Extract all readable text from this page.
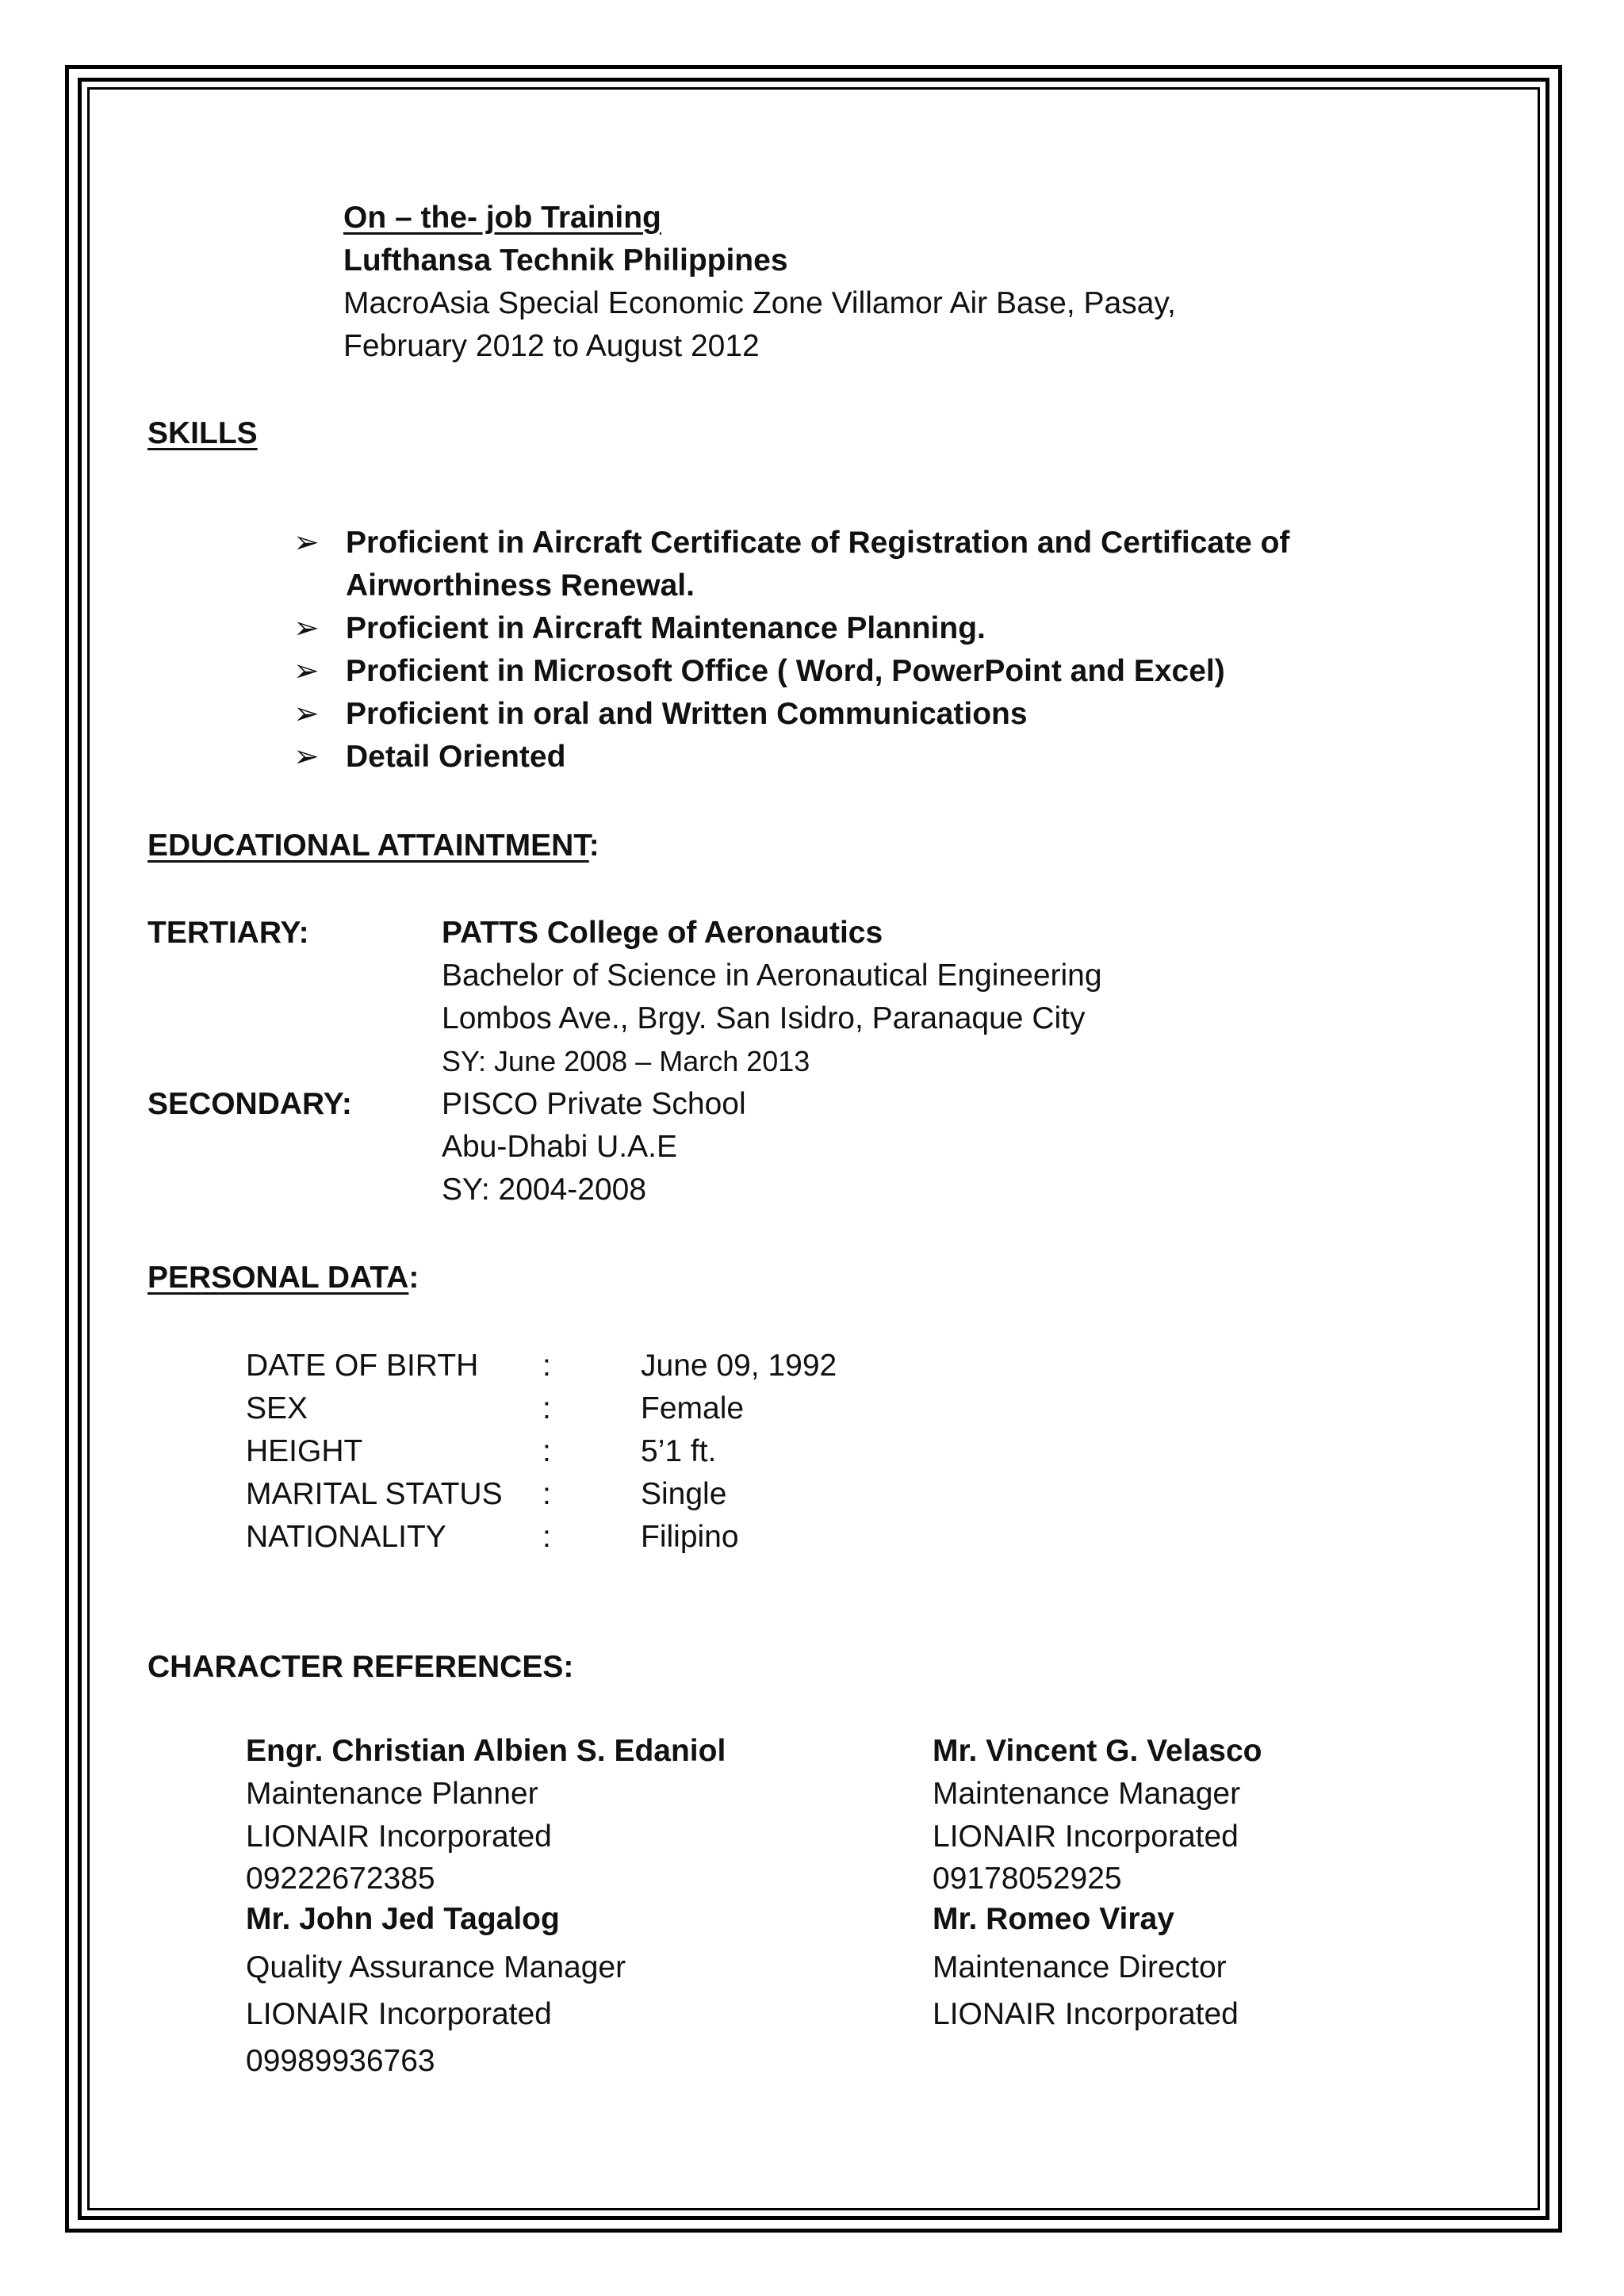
On – the- job Training
Lufthansa Technik Philippines
MacroAsia Special Economic Zone Villamor Air Base, Pasay,
February 2012 to August 2012
SKILLS
➢ Proficient in Aircraft Certificate of Registration and Certificate of
Airworthiness Renewal.
➢ Proficient in Aircraft Maintenance Planning.
➢ Proficient in Microsoft Office ( Word, PowerPoint and Excel)
➢ Proficient in oral and Written Communications
➢ Detail Oriented
EDUCATIONAL ATTAINTMENT:
TERTIARY:	PATTS College of Aeronautics
Bachelor of Science in Aeronautical Engineering
Lombos Ave., Brgy. San Isidro, Paranaque City
SY: June 2008 – March 2013
SECONDARY:	PISCO Private School
Abu-Dhabi U.A.E
SY: 2004-2008
PERSONAL DATA:
DATE OF BIRTH :	June 09, 1992
SEX	:	Female
HEIGHT	:	5’1 ft.
MARITAL STATUS :	Single
NATIONALITY	:	Filipino
CHARACTER REFERENCES:
Engr. Christian Albien S. Edaniol
Maintenance Planner
LIONAIR Incorporated
09222672385
Mr. Vincent G. Velasco
Maintenance Manager
LIONAIR Incorporated
09178052925
Mr. John Jed Tagalog
Quality Assurance Manager
LIONAIR Incorporated
09989936763
Mr. Romeo Viray
Maintenance Director
LIONAIR Incorporated
